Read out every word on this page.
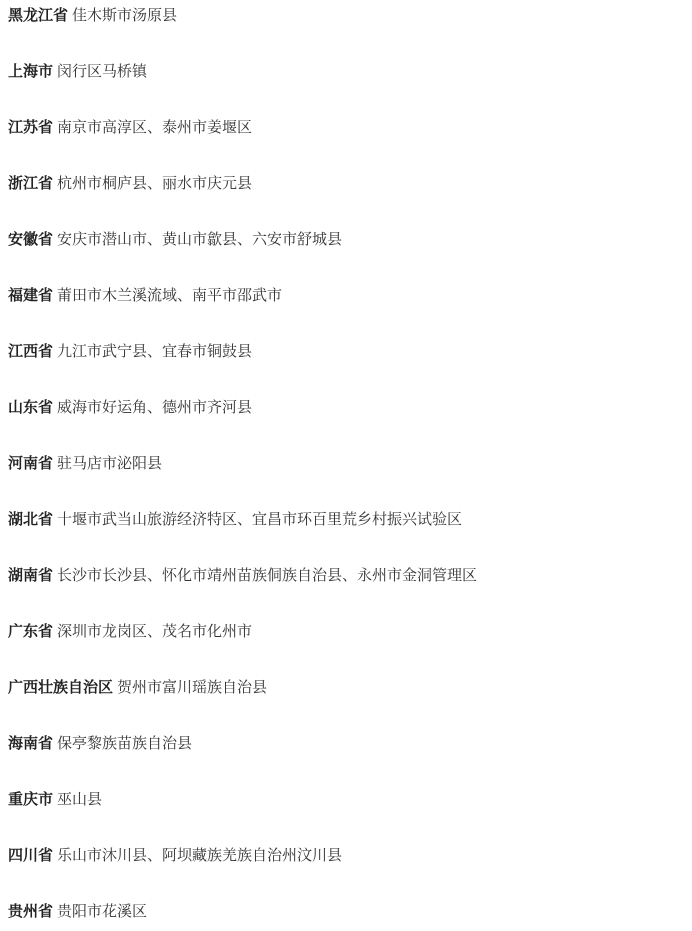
黑龙江省 佳木斯市汤原县
上海市 闵行区马桥镇
江苏省 南京市高淳区、泰州市姜堰区
浙江省 杭州市桐庐县、丽水市庆元县
安徽省 安庆市潜山市、黄山市歙县、六安市舒城县
福建省 莆田市木兰溪流域、南平市邵武市
江西省 九江市武宁县、宜春市铜鼓县
山东省 威海市好运角、德州市齐河县
河南省 驻马店市泌阳县
湖北省 十堰市武当山旅游经济特区、宜昌市环百里荒乡村振兴试验区
湖南省 长沙市长沙县、怀化市靖州苗族侗族自治县、永州市金洞管理区
广东省 深圳市龙岗区、茂名市化州市
广西壮族自治区 贺州市富川瑶族自治县
海南省 保亭黎族苗族自治县
重庆市 巫山县
四川省 乐山市沐川县、阿坝藏族羌族自治州汶川县
贵州省 贵阳市花溪区
